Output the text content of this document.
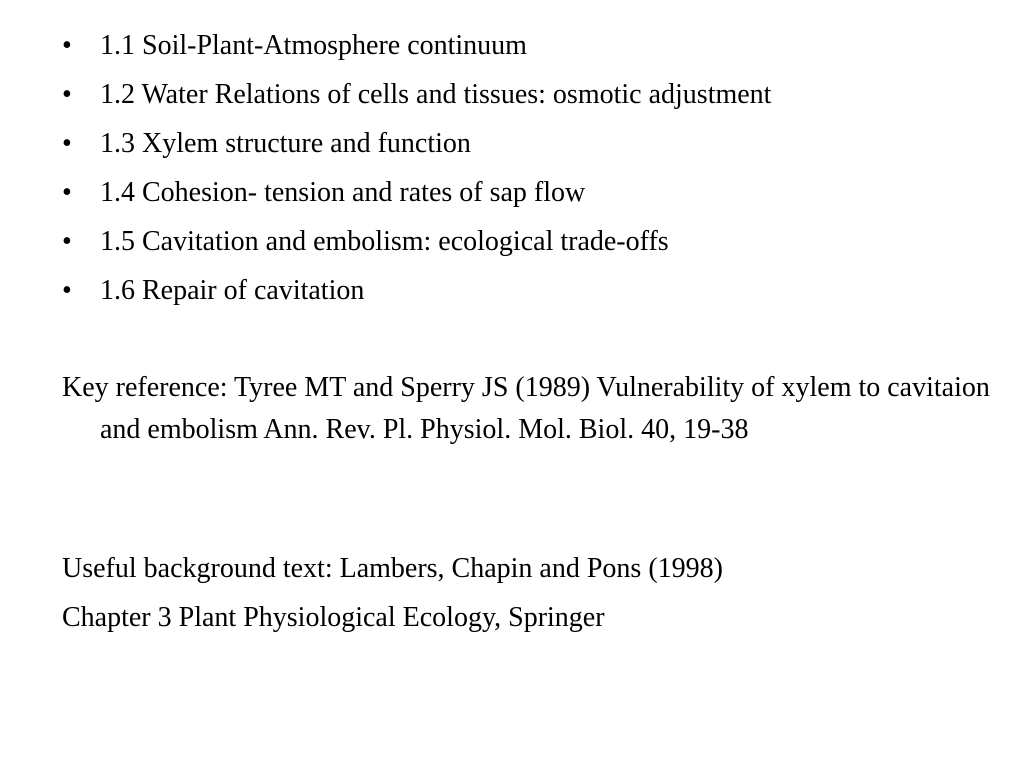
•	1.1 Soil-Plant-Atmosphere continuum
•	1.2 Water Relations of cells and tissues: osmotic adjustment
•	1.3 Xylem structure and function
•	1.4 Cohesion- tension and rates of sap flow
•	1.5 Cavitation and embolism: ecological trade-offs
•	1.6 Repair of cavitation

Key reference: Tyree MT and Sperry JS (1989) Vulnerability of xylem to cavitaion and embolism Ann. Rev. Pl. Physiol. Mol. Biol. 40, 19-38

Useful background text: Lambers, Chapin and Pons (1998)

Chapter 3 Plant Physiological Ecology, Springer
